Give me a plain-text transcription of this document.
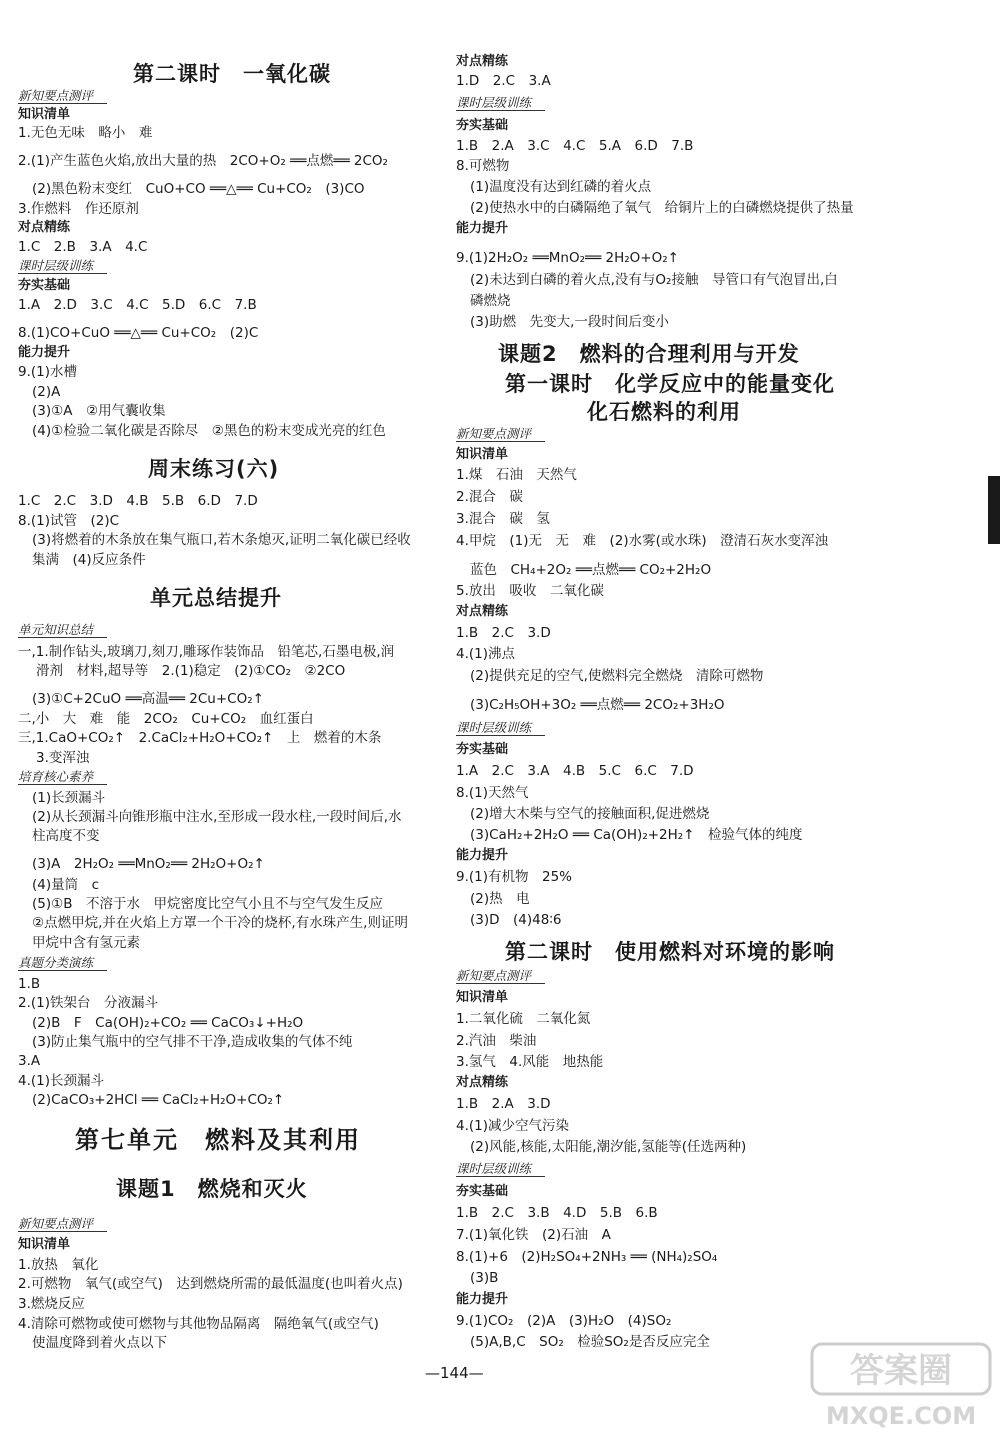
第二课时　一氧化碳
新知要点测评
知识清单
1.无色无味　略小　难
2.(1)产生蓝色火焰,放出大量的热　2CO+O₂ ══点燃══ 2CO₂
(2)黑色粉末变红　CuO+CO ══△══ Cu+CO₂　(3)CO
3.作燃料　作还原剂
对点精练
1.C　2.B　3.A　4.C
课时层级训练
夯实基础
1.A　2.D　3.C　4.C　5.D　6.C　7.B
8.(1)CO+CuO ══△══ Cu+CO₂　(2)C
能力提升
9.(1)水槽
(2)A
(3)①A　②用气囊收集
(4)①检验二氧化碳是否除尽　②黑色的粉末变成光亮的红色
周末练习(六)
1.C　2.C　3.D　4.B　5.B　6.D　7.D
8.(1)试管　(2)C
(3)将燃着的木条放在集气瓶口,若木条熄灭,证明二氧化碳已经收
集满　(4)反应条件
单元总结提升
单元知识总结
一,1.制作钻头,玻璃刀,刻刀,雕琢作装饰品　铅笔芯,石墨电极,润
滑剂　材料,超导等　2.(1)稳定　(2)①CO₂　②2CO
(3)①C+2CuO ══高温══ 2Cu+CO₂↑
二,小　大　难　能　2CO₂　Cu+CO₂　血红蛋白
三,1.CaO+CO₂↑　2.CaCl₂+H₂O+CO₂↑　上　燃着的木条
3.变浑浊
培育核心素养
(1)长颈漏斗
(2)从长颈漏斗向锥形瓶中注水,至形成一段水柱,一段时间后,水
柱高度不变
(3)A　2H₂O₂ ══MnO₂══ 2H₂O+O₂↑
(4)量筒　c
(5)①B　不溶于水　甲烷密度比空气小且不与空气发生反应
②点燃甲烷,并在火焰上方罩一个干冷的烧杯,有水珠产生,则证明
甲烷中含有氢元素
真题分类演练
1.B
2.(1)铁架台　分液漏斗
(2)B　F　Ca(OH)₂+CO₂ ══ CaCO₃↓+H₂O
(3)防止集气瓶中的空气排不干净,造成收集的气体不纯
3.A
4.(1)长颈漏斗
(2)CaCO₃+2HCl ══ CaCl₂+H₂O+CO₂↑
第七单元　燃料及其利用
课题1　燃烧和灭火
新知要点测评
知识清单
1.放热　氧化
2.可燃物　氧气(或空气)　达到燃烧所需的最低温度(也叫着火点)
3.燃烧反应
4.清除可燃物或使可燃物与其他物品隔离　隔绝氧气(或空气)
使温度降到着火点以下
对点精练
1.D　2.C　3.A
课时层级训练
夯实基础
1.B　2.A　3.C　4.C　5.A　6.D　7.B
8.可燃物
(1)温度没有达到红磷的着火点
(2)使热水中的白磷隔绝了氧气　给铜片上的白磷燃烧提供了热量
能力提升
9.(1)2H₂O₂ ══MnO₂══ 2H₂O+O₂↑
(2)未达到白磷的着火点,没有与O₂接触　导管口有气泡冒出,白
磷燃烧
(3)助燃　先变大,一段时间后变小
课题2　燃料的合理利用与开发
第一课时　化学反应中的能量变化
化石燃料的利用
新知要点测评
知识清单
1.煤　石油　天然气
2.混合　碳
3.混合　碳　氢
4.甲烷　(1)无　无　难　(2)水雾(或水珠)　澄清石灰水变浑浊
蓝色　CH₄+2O₂ ══点燃══ CO₂+2H₂O
5.放出　吸收　二氧化碳
对点精练
1.B　2.C　3.D
4.(1)沸点
(2)提供充足的空气,使燃料完全燃烧　清除可燃物
(3)C₂H₅OH+3O₂ ══点燃══ 2CO₂+3H₂O
课时层级训练
夯实基础
1.A　2.C　3.A　4.B　5.C　6.C　7.D
8.(1)天然气
(2)增大木柴与空气的接触面积,促进燃烧
(3)CaH₂+2H₂O ══ Ca(OH)₂+2H₂↑　检验气体的纯度
能力提升
9.(1)有机物　25%
(2)热　电
(3)D　(4)48∶6
第二课时　使用燃料对环境的影响
新知要点测评
知识清单
1.二氧化硫　二氧化氮
2.汽油　柴油
3.氢气　4.风能　地热能
对点精练
1.B　2.A　3.D
4.(1)减少空气污染
(2)风能,核能,太阳能,潮汐能,氢能等(任选两种)
课时层级训练
夯实基础
1.B　2.C　3.B　4.D　5.B　6.B
7.(1)氧化铁　(2)石油　A
8.(1)+6　(2)H₂SO₄+2NH₃ ══ (NH₄)₂SO₄
(3)B
能力提升
9.(1)CO₂　(2)A　(3)H₂O　(4)SO₂
(5)A,B,C　SO₂　检验SO₂是否反应完全
—144—	答案圈
MXQE.COM
